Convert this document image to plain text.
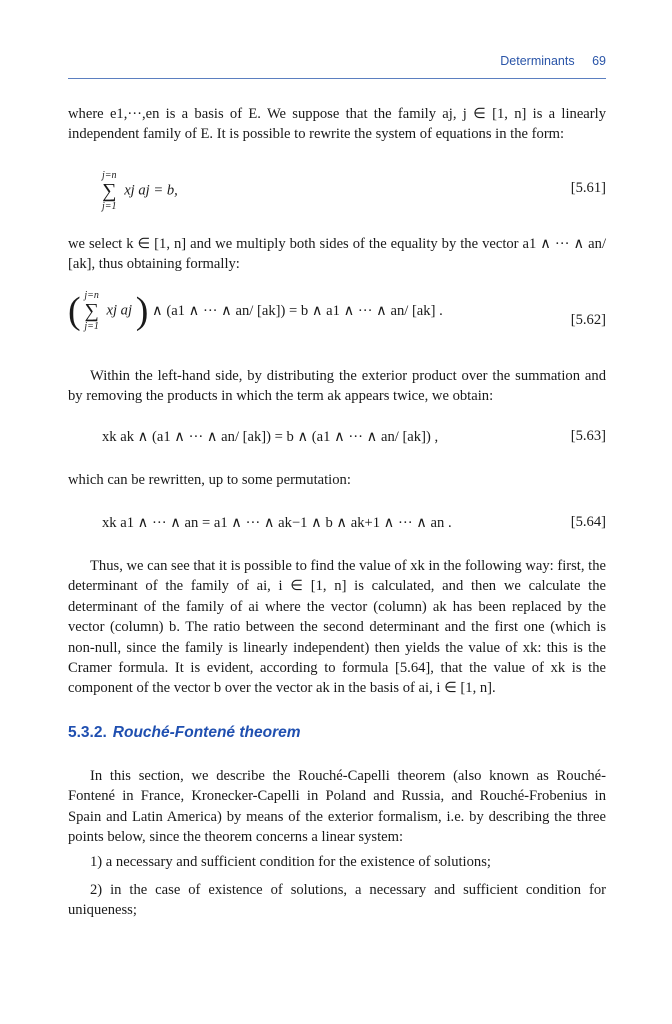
Determinants 69

where e1,···,en is a basis of E. We suppose that the family aj, j ∈ [1, n] is a linearly independent family of E. It is possible to rewrite the system of equations in the form:

j=n
∑
j=1
xj aj = b,	[5.61]

we select k ∈ [1, n] and we multiply both sides of the equality by the vector a1 ∧ ··· ∧ an/ [ak], thus obtaining formally:

( j=n
∑
j=1
xj aj ) ∧ (a1 ∧ ··· ∧ an/ [ak]) = b ∧ a1 ∧ ··· ∧ an/ [ak] .
[5.62]

Within the left-hand side, by distributing the exterior product over the summation and by removing the products in which the term ak appears twice, we obtain:

xk ak ∧ (a1 ∧ ··· ∧ an/ [ak]) = b ∧ (a1 ∧ ··· ∧ an/ [ak]) ,	[5.63]

which can be rewritten, up to some permutation:

xk a1 ∧ ··· ∧ an = a1 ∧ ··· ∧ ak−1 ∧ b ∧ ak+1 ∧ ··· ∧ an .	[5.64]

Thus, we can see that it is possible to find the value of xk in the following way: first, the determinant of the family of ai, i ∈ [1, n] is calculated, and then we calculate the determinant of the family of ai where the vector (column) ak has been replaced by the vector (column) b. The ratio between the second determinant and the first one (which is non-null, since the family is linearly independent) then yields the value of xk: this is the Cramer formula. It is evident, according to formula [5.64], that the value of xk is the component of the vector b over the vector ak in the basis of ai, i ∈ [1, n].

5.3.2. Rouché-Fontené theorem

In this section, we describe the Rouché-Capelli theorem (also known as Rouché-Fontené in France, Kronecker-Capelli in Poland and Russia, and Rouché-Frobenius in Spain and Latin America) by means of the exterior formalism, i.e. by describing the three points below, since the theorem concerns a linear system:

1) a necessary and sufficient condition for the existence of solutions;

2) in the case of existence of solutions, a necessary and sufficient condition for uniqueness;
